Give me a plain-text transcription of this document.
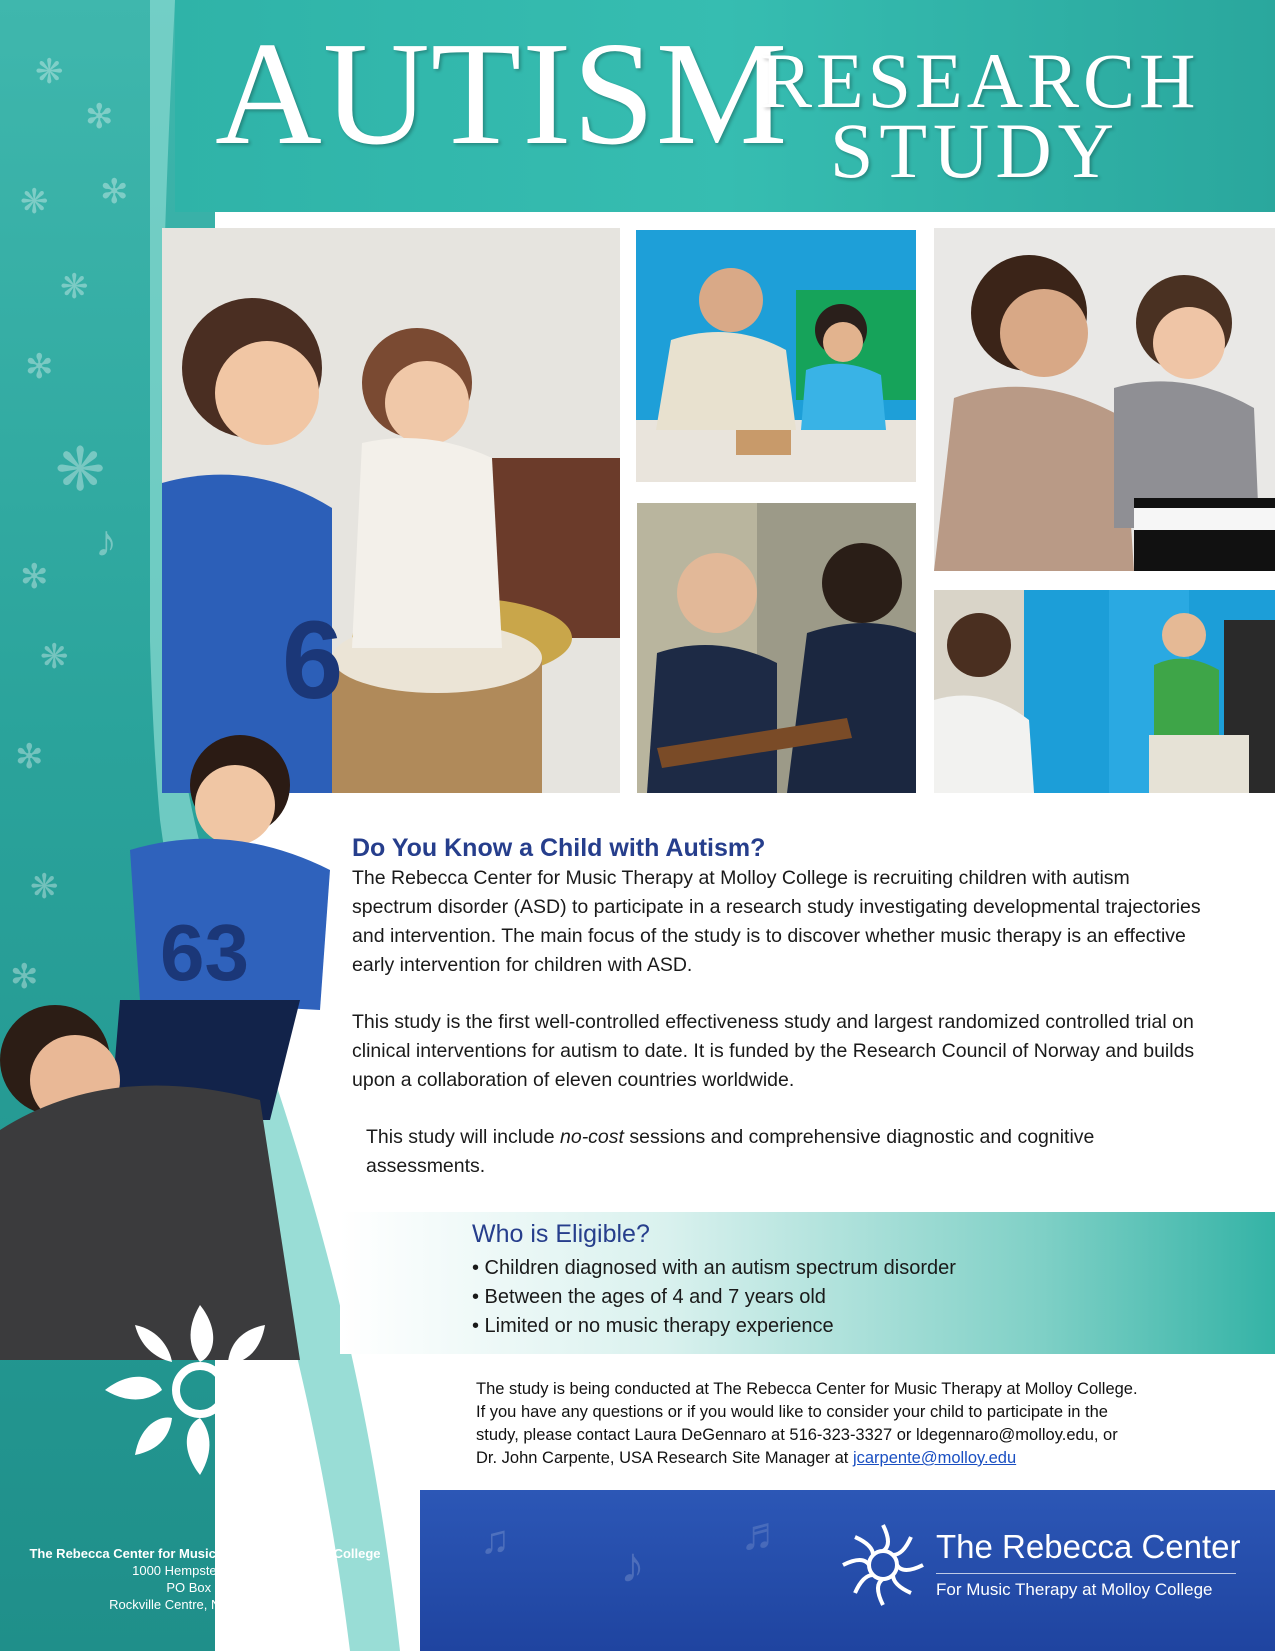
❋
✻
❋ ✻
❋
✻
❋
✻
♪
❋
✻
❋
✻
AUTISM
RESEARCH
STUDY
6
63
Do You Know a Child with Autism?
The Rebecca Center for Music Therapy at Molloy College is recruiting children with autism spectrum disorder (ASD) to participate in a research study investigating developmental trajectories and intervention. The main focus of the study is to discover whether music therapy is an effective early intervention for children with ASD.
This study is the first well-controlled effectiveness study and largest randomized controlled trial on clinical interventions for autism to date. It is funded by the Research Council of Norway and builds upon a collaboration of eleven countries worldwide.
This study will include no-cost sessions and comprehensive diagnostic and cognitive assessments.
Who is Eligible?
• Children diagnosed with an autism spectrum disorder
• Between the ages of 4 and 7 years old
• Limited or no music therapy experience
The study is being conducted at The Rebecca Center for Music Therapy at Molloy College.
If you have any questions or if you would like to consider your child to participate in the
study, please contact Laura DeGennaro at 516-323-3327 or ldegennaro@molloy.edu, or
Dr. John Carpente, USA Research Site Manager at jcarpente@molloy.edu
♫ ♪
♬	The Rebecca Center
For Music Therapy at Molloy College
The Rebecca Center for Music Therapy at Molloy College
1000 Hempstead Avenue
PO Box 5002
Rockville Centre, NY 11571-5002
